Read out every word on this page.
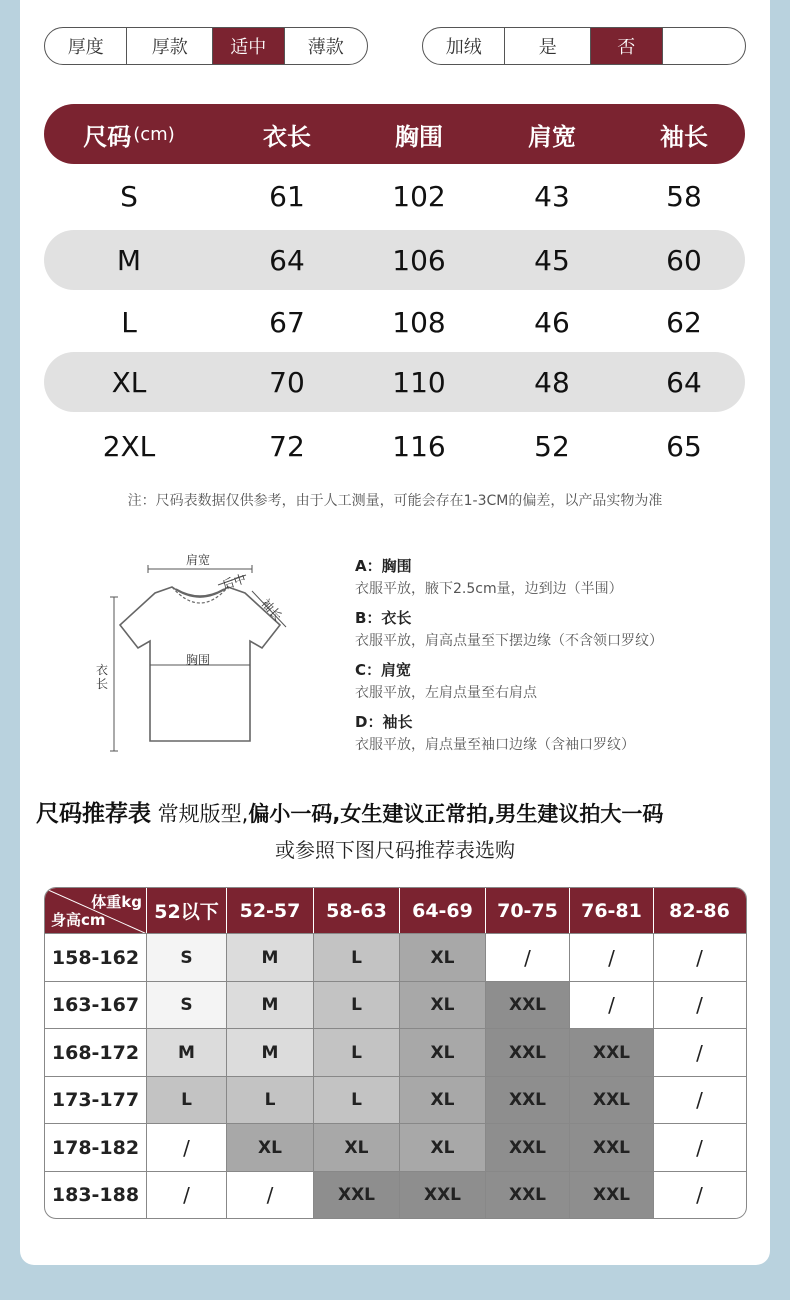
厚度	厚款	适中	薄款	加绒	是	否
尺码 (cm)	衣长	胸围	肩宽	袖长
S	61	102	43	58
M	64	106	45	60
L	67	108	46	62
XL	70	110	48	64
2XL	72	116	52	65
注：尺码表数据仅供参考，由于人工测量，可能会存在1-3CM的偏差，以产品实物为准
肩宽
后中
袖长
胸围
衣长
A：胸围
衣服平放，腋下2.5cm量，边到边（半围）
B：衣长
衣服平放，肩高点量至下摆边缘（不含领口罗纹）
C：肩宽
衣服平放，左肩点量至右肩点
D：袖长
衣服平放，肩点量至袖口边缘（含袖口罗纹）
尺码推荐表 常规版型,偏小一码,女生建议正常拍,男生建议拍大一码
或参照下图尺码推荐表选购
体重kg
身高cm	52以下	52-57	58-63	64-69	70-75	76-81	82-86
158-162	S	M	L	XL	/	/	/
163-167	S	M	L	XL	XXL	/	/
168-172	M	M	L	XL	XXL	XXL	/
173-177	L	L	L	XL	XXL	XXL	/
178-182	/	XL	XL	XL	XXL	XXL	/
183-188	/	/	XXL	XXL	XXL	XXL	/
